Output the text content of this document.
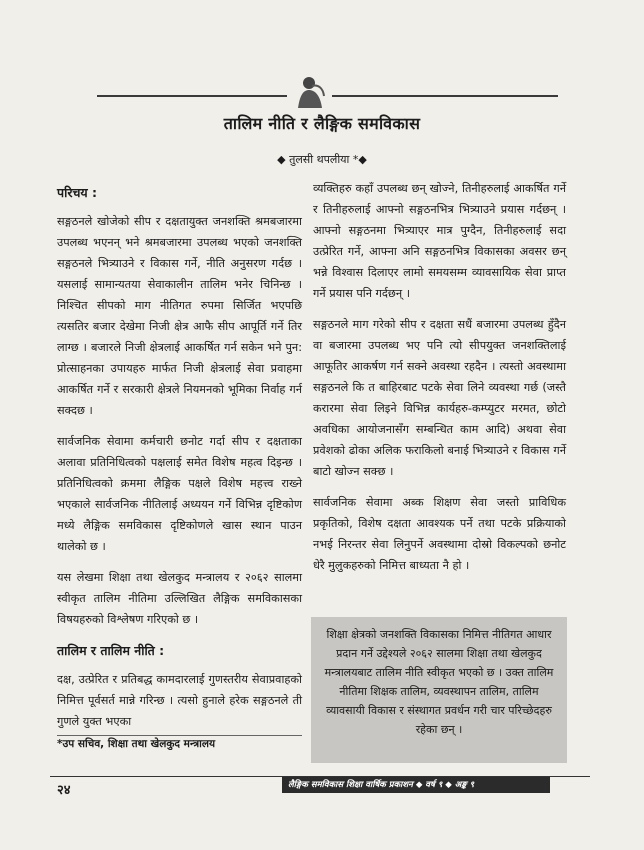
तालिम नीति र लैङ्गिक समविकास
◆ तुलसी थपलीया *◆
परिचय :

सङ्गठनले खोजेको सीप र दक्षतायुक्त जनशक्ति श्रमबजारमा उपलब्ध भएनन् भने श्रमबजारमा उपलब्ध भएको जनशक्ति सङ्गठनले भित्र्याउने र विकास गर्ने, नीति अनुसरण गर्दछ । यसलाई सामान्यतया सेवाकालीन तालिम भनेर चिनिन्छ । निश्चित सीपको माग नीतिगत रुपमा सिर्जित भएपछि त्यसतिर बजार देखेमा निजी क्षेत्र आफै सीप आपूर्ति गर्ने तिर लाग्छ । बजारले निजी क्षेत्रलाई आकर्षित गर्न सकेन भने पुन: प्रोत्साहनका उपायहरु मार्फत निजी क्षेत्रलाई सेवा प्रवाहमा आकर्षित गर्ने र सरकारी क्षेत्रले नियमनको भूमिका निर्वाह गर्न सक्दछ ।

सार्वजनिक सेवामा कर्मचारी छनोट गर्दा सीप र दक्षताका अलावा प्रतिनिधित्वको पक्षलाई समेत विशेष महत्व दिइन्छ । प्रतिनिधित्वको क्रममा लैङ्गिक पक्षले विशेष महत्त्व राख्ने भएकाले सार्वजनिक नीतिलाई अध्ययन गर्ने विभिन्न दृष्टिकोण मध्ये लैङ्गिक समविकास दृष्टिकोणले खास स्थान पाउन थालेको छ ।

यस लेखमा शिक्षा तथा खेलकुद मन्त्रालय र २०६२ सालमा स्वीकृत तालिम नीतिमा उल्लिखित लैङ्गिक समविकासका विषयहरुको विश्लेषण गरिएको छ ।

तालिम र तालिम नीति :

दक्ष, उत्प्रेरित र प्रतिबद्ध कामदारलाई गुणस्तरीय सेवाप्रवाहको निमित्त पूर्वसर्त मान्ने गरिन्छ । त्यसो हुनाले हरेक सङ्गठनले ती गुणले युक्त भएका

*उप सचिव, शिक्षा तथा खेलकुद मन्त्रालय

व्यक्तिहरु कहाँ उपलब्ध छन् खोज्ने, तिनीहरुलाई आकर्षित गर्ने र तिनीहरुलाई आफ्नो सङ्गठनभित्र भित्र्याउने प्रयास गर्दछन् । आफ्नो सङ्गठनमा भित्र्याएर मात्र पुग्दैन, तिनीहरुलाई सदा उत्प्रेरित गर्ने, आफ्ना अनि सङ्गठनभित्र विकासका अवसर छन् भन्ने विश्वास दिलाएर लामो समयसम्म व्यावसायिक सेवा प्राप्त गर्ने प्रयास पनि गर्दछन् ।

सङ्गठनले माग गरेको सीप र दक्षता सधैं बजारमा उपलब्ध हुँदैन वा बजारमा उपलब्ध भए पनि त्यो सीपयुक्त जनशक्तिलाई आफूतिर आकर्षण गर्न सक्ने अवस्था रहदैन । त्यस्तो अवस्थामा सङ्गठनले कि त बाहिरबाट पटके सेवा लिने व्यवस्था गर्छ (जस्तै करारमा सेवा लिइने विभिन्न कार्यहरु-कम्प्युटर मरमत, छोटो अवधिका आयोजनासँग सम्बन्धित काम आदि) अथवा सेवा प्रवेशको ढोका अलिक फराकिलो बनाई भित्र्याउने र विकास गर्ने बाटो खोज्न सक्छ ।

सार्वजनिक सेवामा अब्क शिक्षण सेवा जस्तो प्राविधिक प्रकृतिको, विशेष दक्षता आवश्यक पर्ने तथा पटके प्रक्रियाको नभई निरन्तर सेवा लिनुपर्ने अवस्थामा दोस्रो विकल्पको छनोट धेरै मुलुकहरुको निमित्त बाध्यता नै हो ।

शिक्षा क्षेत्रको जनशक्ति विकासका निमित्त नीतिगत आधार प्रदान गर्ने उद्देश्यले २०६२ सालमा शिक्षा तथा खेलकुद मन्त्रालयबाट तालिम नीति स्वीकृत भएको छ । उक्त तालिम नीतिमा शिक्षक तालिम, व्यवस्थापन तालिम, तालिम व्यावसायी विकास र संस्थागत प्रवर्धन गरी चार परिच्छेदहरु रहेका छन् ।
२४	लैङ्गिक समविकास शिक्षा वार्षिक प्रकाशन ◆ वर्ष ९ ◆ अङ्क ९
